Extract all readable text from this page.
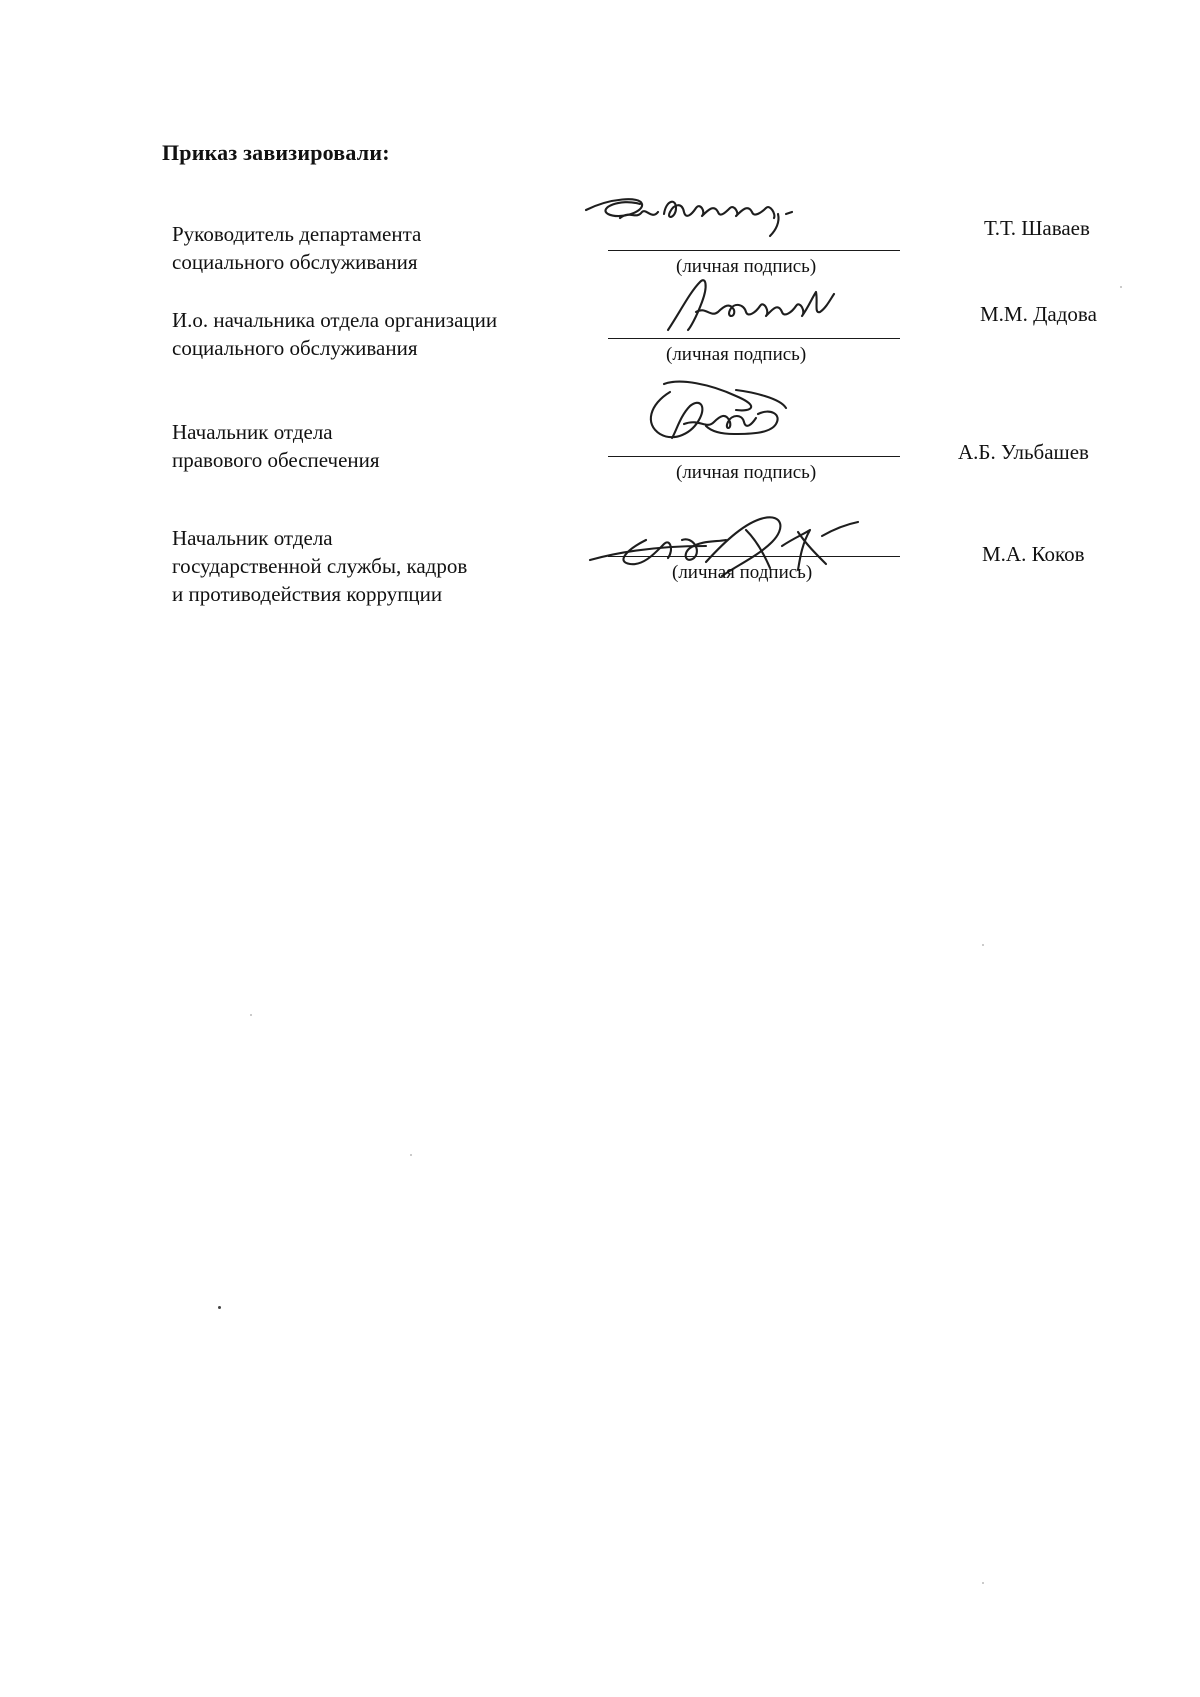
Приказ завизировали:
Руководитель департамента
социального обслуживания	(личная подпись)
Т.Т. Шаваев
И.о. начальника отдела организации
социального обслуживания	(личная подпись)
М.М. Дадова
Начальник отдела
правового обеспечения
(личная подпись)
А.Б. Ульбашев
Начальник отдела
государственной службы, кадров
и противодействия коррупции
(личная подпись)
М.А. Коков
